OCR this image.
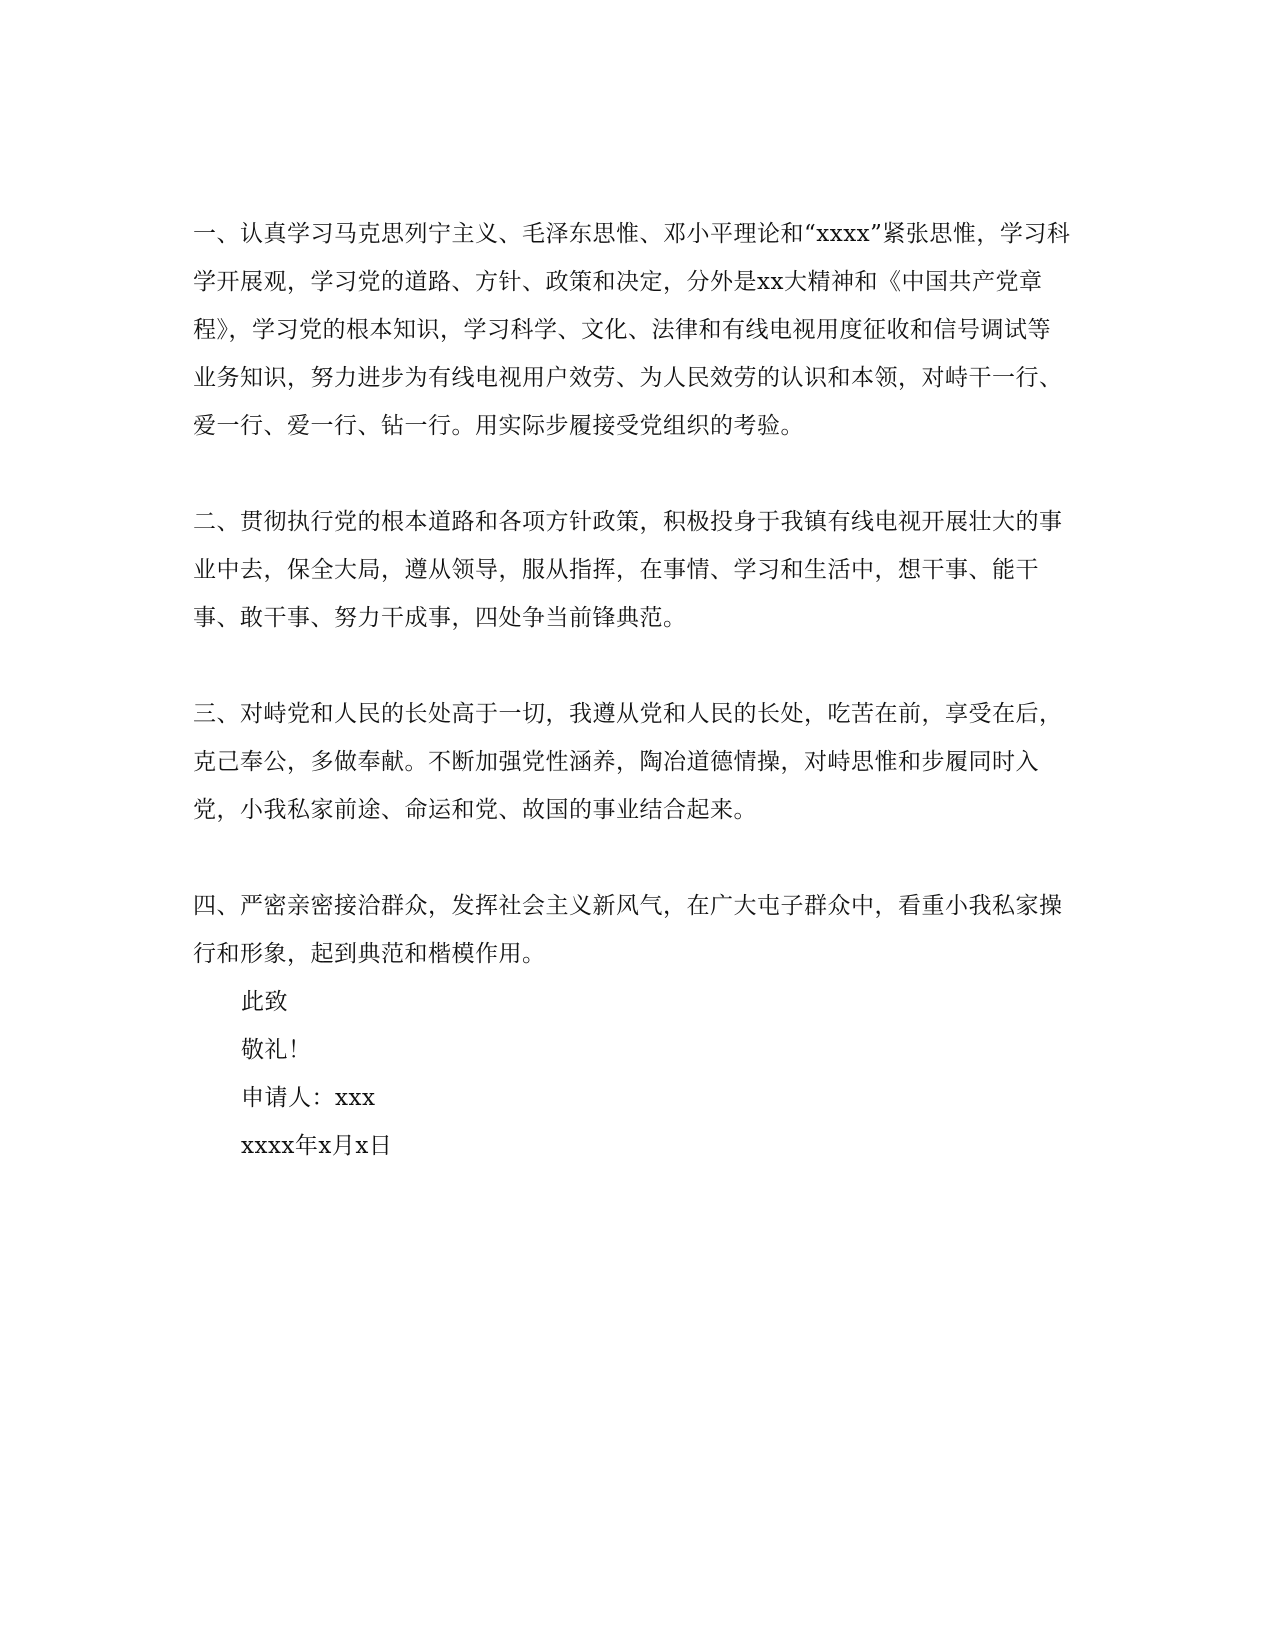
一、认真学习马克思列宁主义、毛泽东思惟、邓小平理论和“xxxx”紧张思惟，学习科学开展观，学习党的道路、方针、政策和决定，分外是xx大精神和《中国共产党章程》，学习党的根本知识，学习科学、文化、法律和有线电视用度征收和信号调试等业务知识，努力进步为有线电视用户效劳、为人民效劳的认识和本领，对峙干一行、爱一行、爱一行、钻一行。用实际步履接受党组织的考验。

二、贯彻执行党的根本道路和各项方针政策，积极投身于我镇有线电视开展壮大的事业中去，保全大局，遵从领导，服从指挥，在事情、学习和生活中，想干事、能干事、敢干事、努力干成事，四处争当前锋典范。

三、对峙党和人民的长处高于一切，我遵从党和人民的长处，吃苦在前，享受在后，克己奉公，多做奉献。不断加强党性涵养，陶冶道德情操，对峙思惟和步履同时入党，小我私家前途、命运和党、故国的事业结合起来。

四、严密亲密接洽群众，发挥社会主义新风气，在广大屯子群众中，看重小我私家操行和形象，起到典范和楷模作用。

此致
敬礼！
申请人：xxx
xxxx年x月x日
